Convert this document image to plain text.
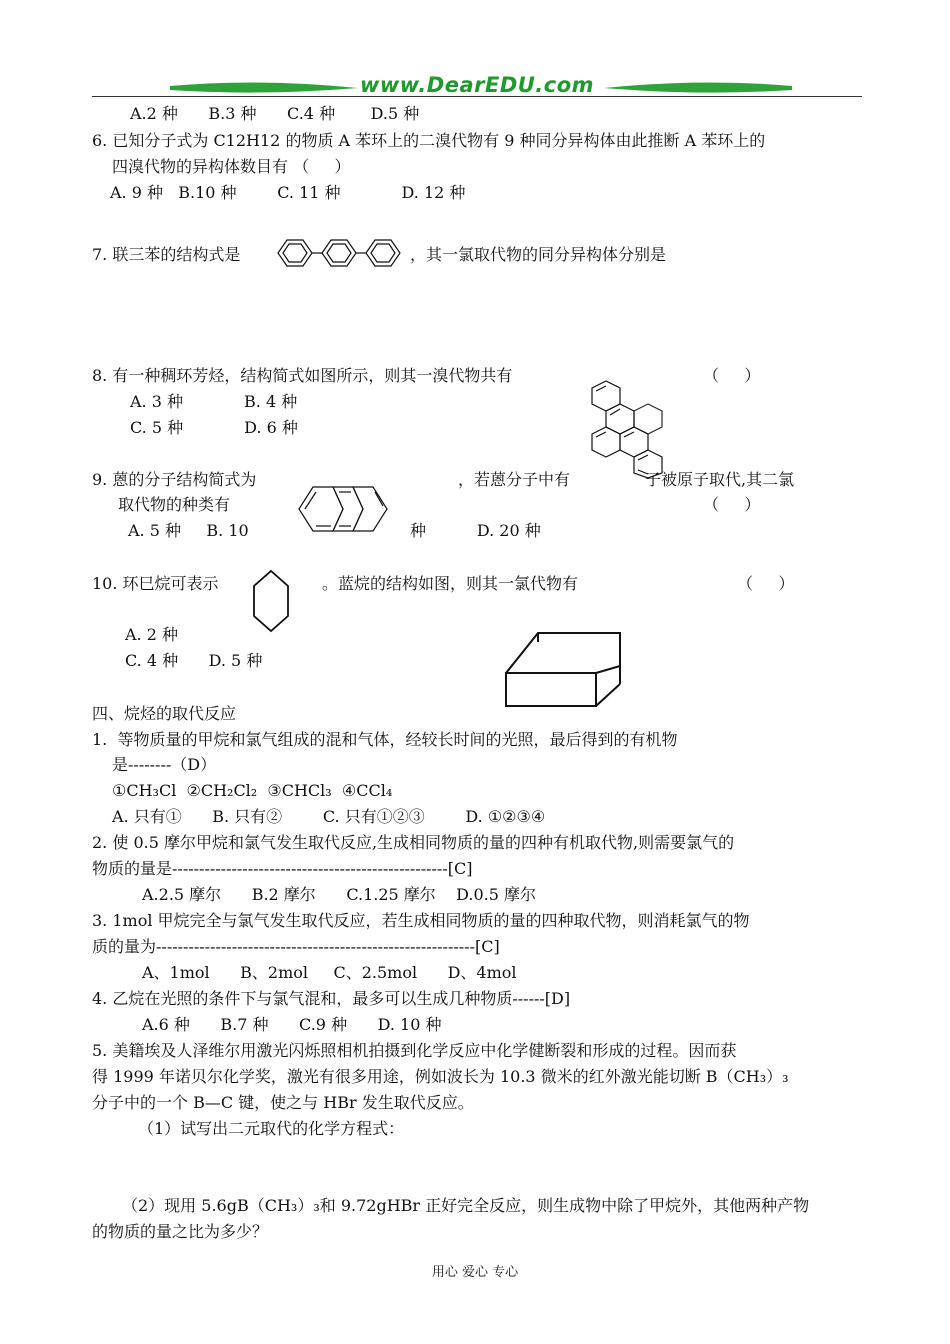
www.DearEDU.com
A.2 种      B.3 种      C.4 种       D.5 种
6. 已知分子式为 C12H12 的物质 A 苯环上的二溴代物有 9 种同分异构体由此推断 A 苯环上的
四溴代物的异构体数目有 （     ）
A. 9 种   B.10 种        C. 11 种            D. 12 种
7. 联三苯的结构式是	，其一氯取代物的同分异构体分别是
8. 有一种稠环芳烃，结构简式如图所示，则其一溴代物共有	（     ）
A. 3 种            B. 4 种
C. 5 种            D. 6 种
9. 蒽的分子结构简式为	，若蒽分子中有	子被原子取代,其二氯
取代物的种类有	（     ）
A. 5 种     B. 10	种          D. 20 种
10. 环巳烷可表示	。蓝烷的结构如图，则其一氯代物有	（     ）
A. 2 种
C. 4 种      D. 5 种
四、烷烃的取代反应
1.  等物质量的甲烷和氯气组成的混和气体，经较长时间的光照，最后得到的有机物
是--------（D）
①CH₃Cl  ②CH₂Cl₂  ③CHCl₃  ④CCl₄
A. 只有①      B. 只有②        C. 只有①②③        D. ①②③④
2. 使 0.5 摩尔甲烷和氯气发生取代反应,生成相同物质的量的四种有机取代物,则需要氯气的
物质的量是---------------------------------------------------[C]
A.2.5 摩尔      B.2 摩尔      C.1.25 摩尔    D.0.5 摩尔
3. 1mol 甲烷完全与氯气发生取代反应，若生成相同物质的量的四种取代物，则消耗氯气的物
质的量为-----------------------------------------------------------[C]
A、1mol      B、2mol     C、2.5mol      D、4mol
4. 乙烷在光照的条件下与氯气混和，最多可以生成几种物质------[D]
A.6 种      B.7 种      C.9 种      D. 10 种
5. 美籍埃及人泽维尔用激光闪烁照相机拍摄到化学反应中化学健断裂和形成的过程。因而获
得 1999 年诺贝尔化学奖，激光有很多用途，例如波长为 10.3 微米的红外激光能切断 B（CH₃）₃
分子中的一个 B—C 键，使之与 HBr 发生取代反应。
（1）试写出二元取代的化学方程式：
（2）现用 5.6gB（CH₃）₃和 9.72gHBr 正好完全反应，则生成物中除了甲烷外，其他两种产物
的物质的量之比为多少？
用心 爱心 专心
